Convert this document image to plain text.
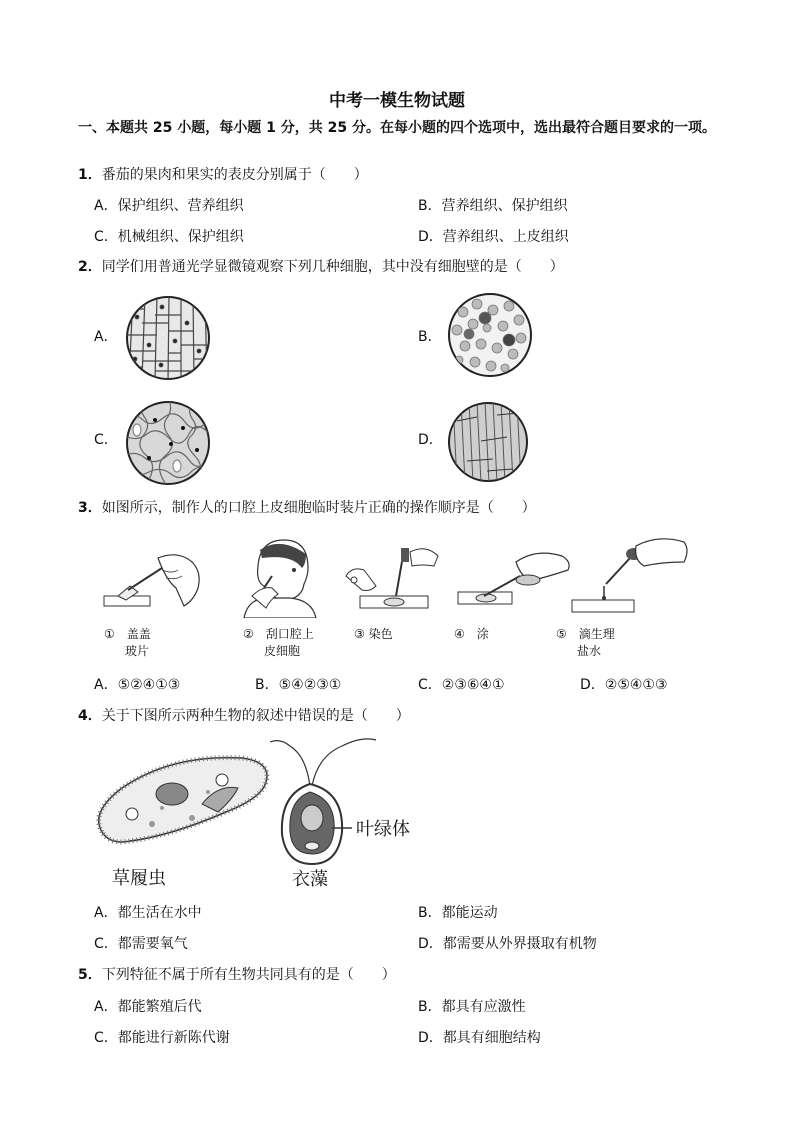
中考一模生物试题
一、本题共 25 小题，每小题 1 分，共 25 分。在每小题的四个选项中，选出最符合题目要求的一项。
1．番茄的果肉和果实的表皮分别属于（　　）
A．保护组织、营养组织	B．营养组织、保护组织
C．机械组织、保护组织	D．营养组织、上皮组织
2．同学们用普通光学显微镜观察下列几种细胞，其中没有细胞壁的是（　　）
A．	B．
C．	D．
3．如图所示，制作人的口腔上皮细胞临时装片正确的操作顺序是（　　）
①　 盖盖
玻片
②　 刮口腔上
皮细胞
③ 染色	④　 涂	⑤　 滴生理
盐水
A．⑤②④①③	B．⑤④②③①	C．②③⑥④①	D．②⑤④①③
4．关于下图所示两种生物的叙述中错误的是（　　）
叶绿体
草履虫	衣藻
A．都生活在水中	B．都能运动
C．都需要氧气	D．都需要从外界摄取有机物
5．下列特征不属于所有生物共同具有的是（　　）
A．都能繁殖后代	B．都具有应激性
C．都能进行新陈代谢	D．都具有细胞结构
